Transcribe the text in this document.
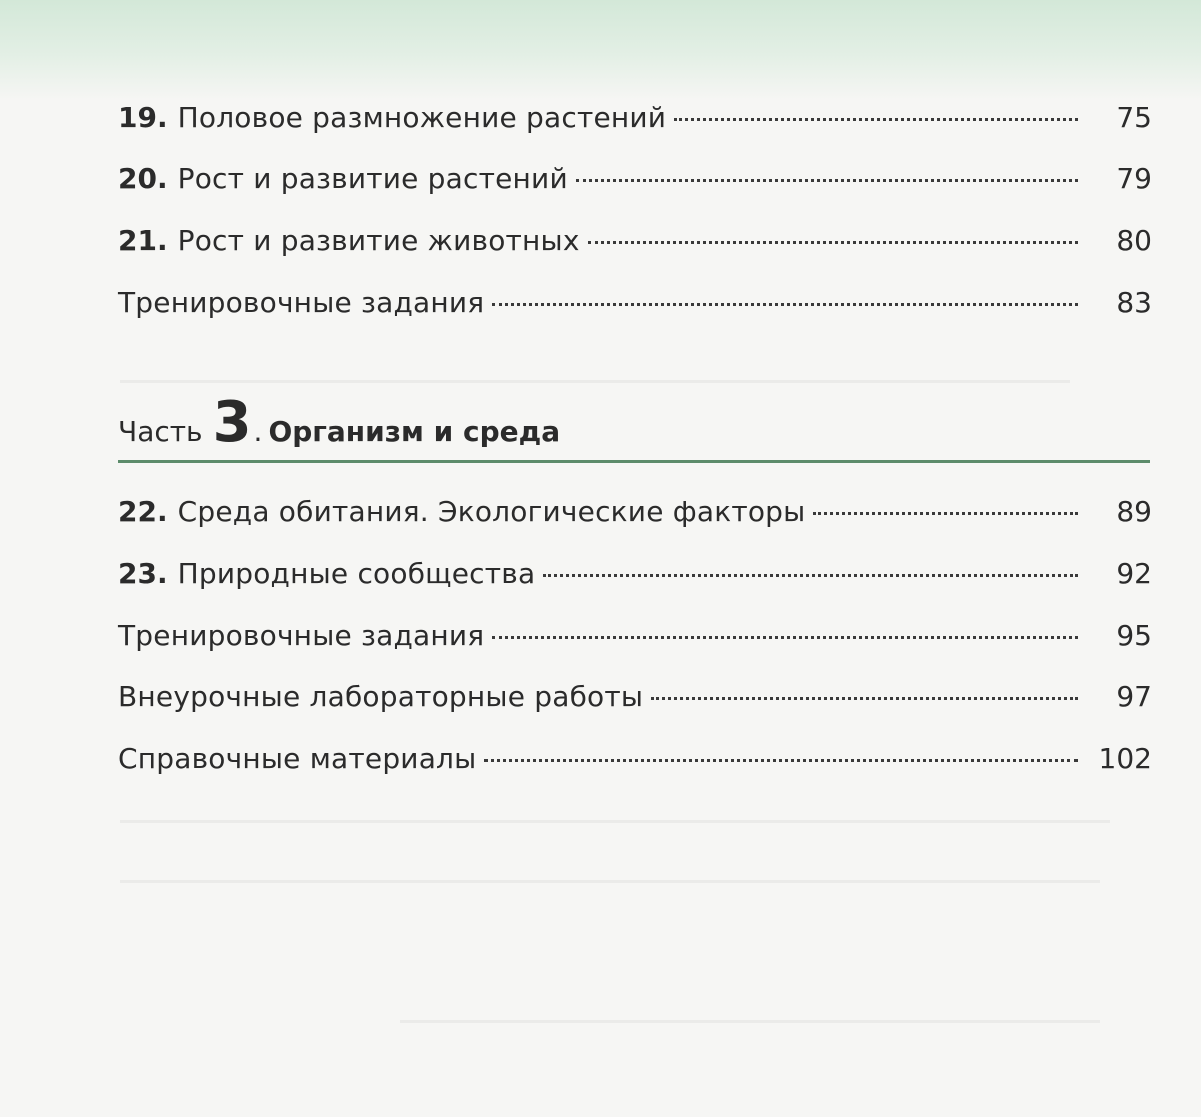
19. Половое размножение растений	75
20. Рост и развитие растений	79
21. Рост и развитие животных	80
Тренировочные задания	83
Часть 3 . Организм и среда
22. Среда обитания. Экологические факторы	89
23. Природные сообщества	92
Тренировочные задания	95
Внеурочные лабораторные работы	97
Справочные материалы	102
